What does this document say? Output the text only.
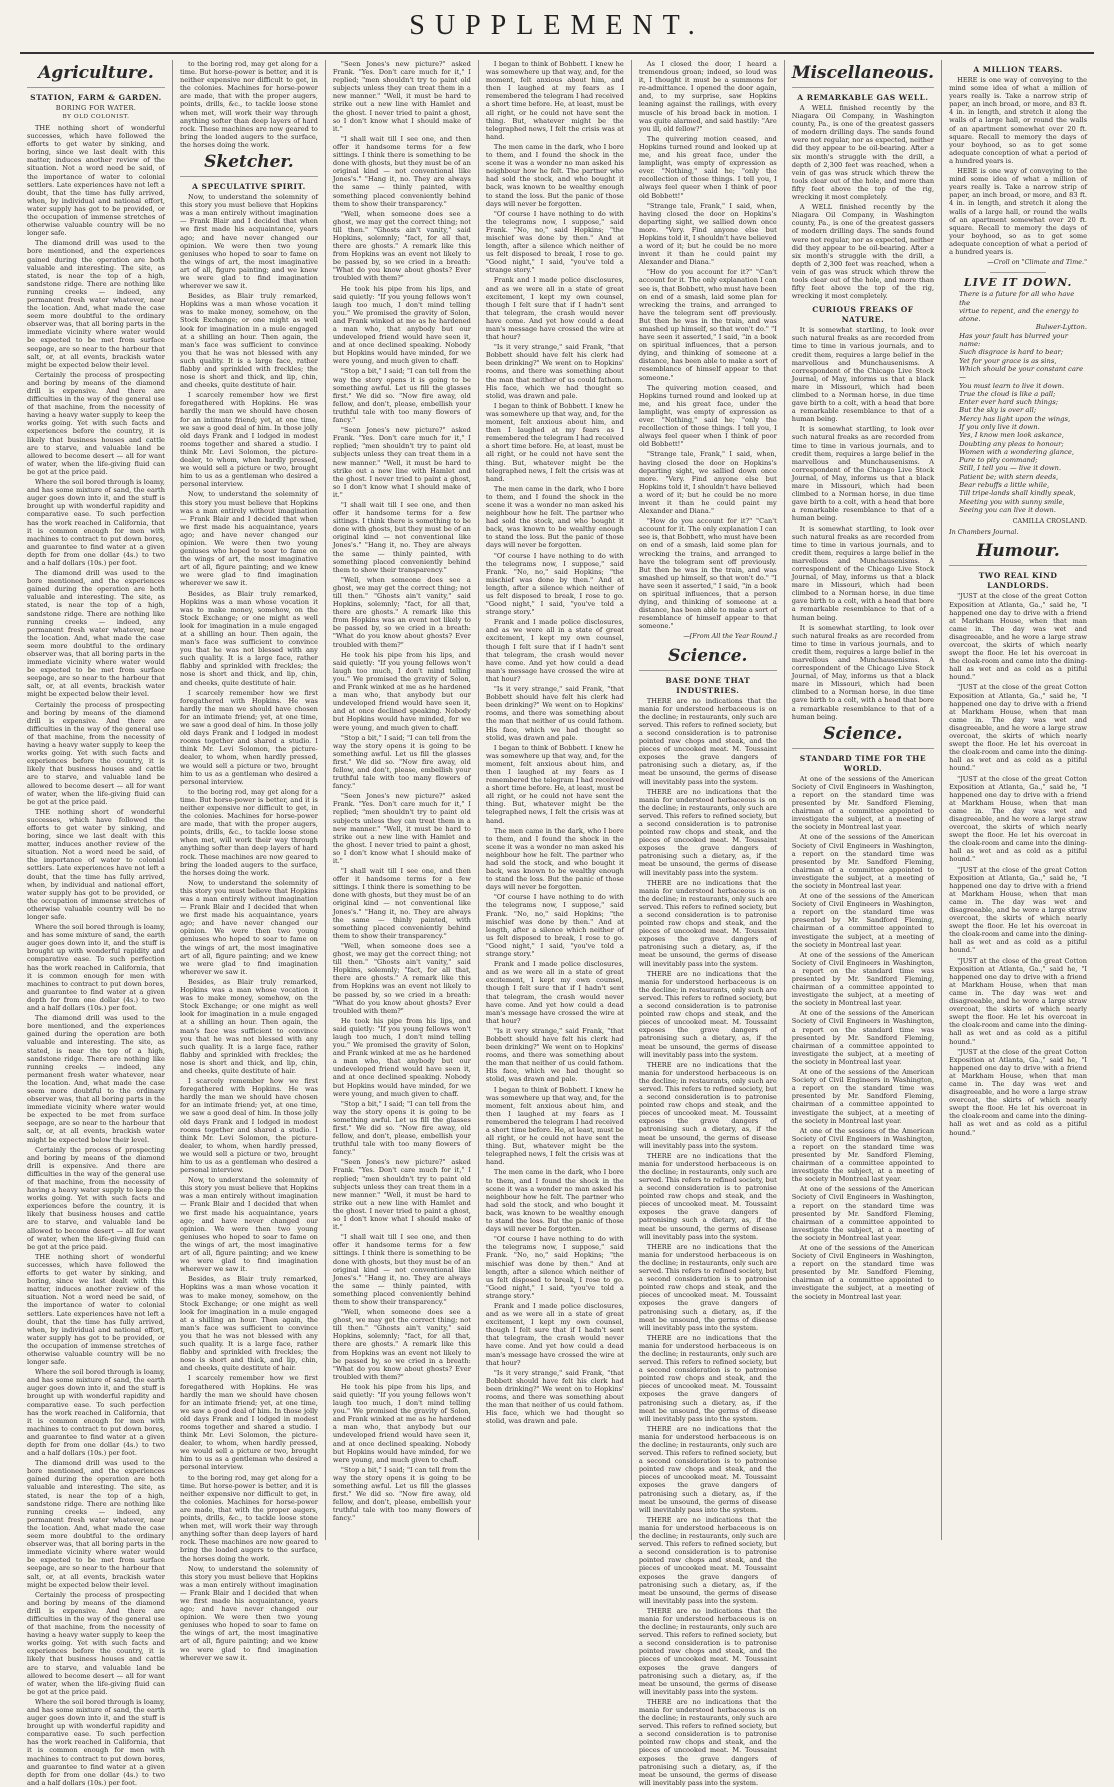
SUPPLEMENT.
Agriculture.
STATION, FARM & GARDEN.
BORING FOR WATER.
BY OLD COLONIST.

THE nothing short of wonderful successes, which have followed the efforts to get water by sinking, and boring, since we last dealt with this matter, induces another review of the situation. Not a word need be said, of the importance of water to colonial settlers. Late experiences have not left a doubt, that the time has fully arrived, when, by individual and national effort, water supply has got to be provided, or the occupation of immense stretches of otherwise valuable country will be no longer safe.

The diamond drill was used to the bore mentioned, and the experiences gained during the operation are both valuable and interesting. The site, as stated, is near the top of a high, sandstone ridge. There are nothing like running creeks — indeed, any permanent fresh water whatever, near the location. And, what made the case seem more doubtful to the ordinary observer was, that all boring parts in the immediate vicinity where water would be expected to be met from surface seepage, are so near to the harbour that salt, or, at all events, brackish water might be expected below their level.

Certainly the process of prospecting and boring by means of the diamond drill is expensive. And there are difficulties in the way of the general use of that machine, from the necessity of having a heavy water supply to keep the works going. Yet with such facts and experiences before the country, it is likely that business houses and cattle are to starve, and valuable land be allowed to become desert — all for want of water, when the life-giving fluid can be got at the price paid.

Where the soil bored through is loamy, and has some mixture of sand, the earth auger goes down into it, and the stuff is brought up with wonderful rapidity and comparative ease. To such perfection has the work reached in California, that it is common enough for men with machines to contract to put down bores, and guarantee to find water at a given depth for from one dollar (4s.) to two and a half dollars (10s.) per foot.

The diamond drill was used to the bore mentioned, and the experiences gained during the operation are both valuable and interesting. The site, as stated, is near the top of a high, sandstone ridge. There are nothing like running creeks — indeed, any permanent fresh water whatever, near the location. And, what made the case seem more doubtful to the ordinary observer was, that all boring parts in the immediate vicinity where water would be expected to be met from surface seepage, are so near to the harbour that salt, or, at all events, brackish water might be expected below their level.

Certainly the process of prospecting and boring by means of the diamond drill is expensive. And there are difficulties in the way of the general use of that machine, from the necessity of having a heavy water supply to keep the works going. Yet with such facts and experiences before the country, it is likely that business houses and cattle are to starve, and valuable land be allowed to become desert — all for want of water, when the life-giving fluid can be got at the price paid.

THE nothing short of wonderful successes, which have followed the efforts to get water by sinking, and boring, since we last dealt with this matter, induces another review of the situation. Not a word need be said, of the importance of water to colonial settlers. Late experiences have not left a doubt, that the time has fully arrived, when, by individual and national effort, water supply has got to be provided, or the occupation of immense stretches of otherwise valuable country will be no longer safe.

Where the soil bored through is loamy, and has some mixture of sand, the earth auger goes down into it, and the stuff is brought up with wonderful rapidity and comparative ease. To such perfection has the work reached in California, that it is common enough for men with machines to contract to put down bores, and guarantee to find water at a given depth for from one dollar (4s.) to two and a half dollars (10s.) per foot.

The diamond drill was used to the bore mentioned, and the experiences gained during the operation are both valuable and interesting. The site, as stated, is near the top of a high, sandstone ridge. There are nothing like running creeks — indeed, any permanent fresh water whatever, near the location. And, what made the case seem more doubtful to the ordinary observer was, that all boring parts in the immediate vicinity where water would be expected to be met from surface seepage, are so near to the harbour that salt, or, at all events, brackish water might be expected below their level.

Certainly the process of prospecting and boring by means of the diamond drill is expensive. And there are difficulties in the way of the general use of that machine, from the necessity of having a heavy water supply to keep the works going. Yet with such facts and experiences before the country, it is likely that business houses and cattle are to starve, and valuable land be allowed to become desert — all for want of water, when the life-giving fluid can be got at the price paid.

THE nothing short of wonderful successes, which have followed the efforts to get water by sinking, and boring, since we last dealt with this matter, induces another review of the situation. Not a word need be said, of the importance of water to colonial settlers. Late experiences have not left a doubt, that the time has fully arrived, when, by individual and national effort, water supply has got to be provided, or the occupation of immense stretches of otherwise valuable country will be no longer safe.

Where the soil bored through is loamy, and has some mixture of sand, the earth auger goes down into it, and the stuff is brought up with wonderful rapidity and comparative ease. To such perfection has the work reached in California, that it is common enough for men with machines to contract to put down bores, and guarantee to find water at a given depth for from one dollar (4s.) to two and a half dollars (10s.) per foot.

The diamond drill was used to the bore mentioned, and the experiences gained during the operation are both valuable and interesting. The site, as stated, is near the top of a high, sandstone ridge. There are nothing like running creeks — indeed, any permanent fresh water whatever, near the location. And, what made the case seem more doubtful to the ordinary observer was, that all boring parts in the immediate vicinity where water would be expected to be met from surface seepage, are so near to the harbour that salt, or, at all events, brackish water might be expected below their level.

Certainly the process of prospecting and boring by means of the diamond drill is expensive. And there are difficulties in the way of the general use of that machine, from the necessity of having a heavy water supply to keep the works going. Yet with such facts and experiences before the country, it is likely that business houses and cattle are to starve, and valuable land be allowed to become desert — all for want of water, when the life-giving fluid can be got at the price paid.

Where the soil bored through is loamy, and has some mixture of sand, the earth auger goes down into it, and the stuff is brought up with wonderful rapidity and comparative ease. To such perfection has the work reached in California, that it is common enough for men with machines to contract to put down bores, and guarantee to find water at a given depth for from one dollar (4s.) to two and a half dollars (10s.) per foot.

to the boring rod, may get along for a time. But horse-power is better, and it is neither expensive nor difficult to get, in the colonies. Machines for horse-power are made, that with the proper augers, points, drills, &c., to tackle loose stone when met, will work their way through anything softer than deep layers of hard rock. These machines are now geared to bring the loaded augers to the surface, the horses doing the work.

Sketcher.
A SPECULATIVE SPIRIT.

Now, to understand the solemnity of this story you must believe that Hopkins was a man entirely without imagination — Frank Blair and I decided that when we first made his acquaintance, years ago; and have never changed our opinion. We were then two young geniuses who hoped to soar to fame on the wings of art, the most imaginative art of all, figure painting; and we knew we were glad to find imagination wherever we saw it.

Besides, as Blair truly remarked, Hopkins was a man whose vocation it was to make money, somehow, on the Stock Exchange; or one might as well look for imagination in a mule engaged at a shilling an hour. Then again, the man's face was sufficient to convince you that he was not blessed with any such quality. It is a large face, rather flabby and sprinkled with freckles; the nose is short and thick, and lip, chin, and cheeks, quite destitute of hair.

I scarcely remember how we first foregathered with Hopkins. He was hardly the man we should have chosen for an intimate friend; yet, at one time, we saw a good deal of him. In those jolly old days Frank and I lodged in modest rooms together and shared a studio. I think Mr. Levi Solomon, the picture-dealer, to whom, when hardly pressed, we would sell a picture or two, brought him to us as a gentleman who desired a personal interview.

Now, to understand the solemnity of this story you must believe that Hopkins was a man entirely without imagination — Frank Blair and I decided that when we first made his acquaintance, years ago; and have never changed our opinion. We were then two young geniuses who hoped to soar to fame on the wings of art, the most imaginative art of all, figure painting; and we knew we were glad to find imagination wherever we saw it.

Besides, as Blair truly remarked, Hopkins was a man whose vocation it was to make money, somehow, on the Stock Exchange; or one might as well look for imagination in a mule engaged at a shilling an hour. Then again, the man's face was sufficient to convince you that he was not blessed with any such quality. It is a large face, rather flabby and sprinkled with freckles; the nose is short and thick, and lip, chin, and cheeks, quite destitute of hair.

I scarcely remember how we first foregathered with Hopkins. He was hardly the man we should have chosen for an intimate friend; yet, at one time, we saw a good deal of him. In those jolly old days Frank and I lodged in modest rooms together and shared a studio. I think Mr. Levi Solomon, the picture-dealer, to whom, when hardly pressed, we would sell a picture or two, brought him to us as a gentleman who desired a personal interview.

to the boring rod, may get along for a time. But horse-power is better, and it is neither expensive nor difficult to get, in the colonies. Machines for horse-power are made, that with the proper augers, points, drills, &c., to tackle loose stone when met, will work their way through anything softer than deep layers of hard rock. These machines are now geared to bring the loaded augers to the surface, the horses doing the work.

Now, to understand the solemnity of this story you must believe that Hopkins was a man entirely without imagination — Frank Blair and I decided that when we first made his acquaintance, years ago; and have never changed our opinion. We were then two young geniuses who hoped to soar to fame on the wings of art, the most imaginative art of all, figure painting; and we knew we were glad to find imagination wherever we saw it.

Besides, as Blair truly remarked, Hopkins was a man whose vocation it was to make money, somehow, on the Stock Exchange; or one might as well look for imagination in a mule engaged at a shilling an hour. Then again, the man's face was sufficient to convince you that he was not blessed with any such quality. It is a large face, rather flabby and sprinkled with freckles; the nose is short and thick, and lip, chin, and cheeks, quite destitute of hair.

I scarcely remember how we first foregathered with Hopkins. He was hardly the man we should have chosen for an intimate friend; yet, at one time, we saw a good deal of him. In those jolly old days Frank and I lodged in modest rooms together and shared a studio. I think Mr. Levi Solomon, the picture-dealer, to whom, when hardly pressed, we would sell a picture or two, brought him to us as a gentleman who desired a personal interview.

Now, to understand the solemnity of this story you must believe that Hopkins was a man entirely without imagination — Frank Blair and I decided that when we first made his acquaintance, years ago; and have never changed our opinion. We were then two young geniuses who hoped to soar to fame on the wings of art, the most imaginative art of all, figure painting; and we knew we were glad to find imagination wherever we saw it.

Besides, as Blair truly remarked, Hopkins was a man whose vocation it was to make money, somehow, on the Stock Exchange; or one might as well look for imagination in a mule engaged at a shilling an hour. Then again, the man's face was sufficient to convince you that he was not blessed with any such quality. It is a large face, rather flabby and sprinkled with freckles; the nose is short and thick, and lip, chin, and cheeks, quite destitute of hair.

I scarcely remember how we first foregathered with Hopkins. He was hardly the man we should have chosen for an intimate friend; yet, at one time, we saw a good deal of him. In those jolly old days Frank and I lodged in modest rooms together and shared a studio. I think Mr. Levi Solomon, the picture-dealer, to whom, when hardly pressed, we would sell a picture or two, brought him to us as a gentleman who desired a personal interview.

to the boring rod, may get along for a time. But horse-power is better, and it is neither expensive nor difficult to get, in the colonies. Machines for horse-power are made, that with the proper augers, points, drills, &c., to tackle loose stone when met, will work their way through anything softer than deep layers of hard rock. These machines are now geared to bring the loaded augers to the surface, the horses doing the work.

Now, to understand the solemnity of this story you must believe that Hopkins was a man entirely without imagination — Frank Blair and I decided that when we first made his acquaintance, years ago; and have never changed our opinion. We were then two young geniuses who hoped to soar to fame on the wings of art, the most imaginative art of all, figure painting; and we knew we were glad to find imagination wherever we saw it.

"Seen Jones's new picture?" asked Frank. "Yes. Don't care much for it," I replied; "men shouldn't try to paint old subjects unless they can treat them in a new manner." "Well, it must be hard to strike out a new line with Hamlet and the ghost. I never tried to paint a ghost, so I don't know what I should make of it."

"I shall wait till I see one, and then offer it handsome terms for a few sittings. I think there is something to be done with ghosts, but they must be of an original kind — not conventional like Jones's." "Hang it, no. They are always the same — thinly painted, with something placed conveniently behind them to show their transparency."

"Well, when someone does see a ghost, we may get the correct thing; not till then." "Ghosts ain't vanity," said Hopkins, solemnly; "fact, for all that, there are ghosts." A remark like this from Hopkins was an event not likely to be passed by, so we cried in a breath: "What do you know about ghosts? Ever troubled with them?"

He took his pipe from his lips, and said quietly: "If you young fellows won't laugh too much, I don't mind telling you." We promised the gravity of Solon, and Frank winked at me as he hardened a man who, that anybody but our undeveloped friend would have seen it, and at once declined speaking. Nobody but Hopkins would have minded, for we were young, and much given to chaff.

"Stop a bit," I said; "I can tell from the way the story opens it is going to be something awful. Let us fill the glasses first." We did so. "Now fire away, old fellow, and don't, please, embellish your truthful tale with too many flowers of fancy."

"Seen Jones's new picture?" asked Frank. "Yes. Don't care much for it," I replied; "men shouldn't try to paint old subjects unless they can treat them in a new manner." "Well, it must be hard to strike out a new line with Hamlet and the ghost. I never tried to paint a ghost, so I don't know what I should make of it."

"I shall wait till I see one, and then offer it handsome terms for a few sittings. I think there is something to be done with ghosts, but they must be of an original kind — not conventional like Jones's." "Hang it, no. They are always the same — thinly painted, with something placed conveniently behind them to show their transparency."

"Well, when someone does see a ghost, we may get the correct thing; not till then." "Ghosts ain't vanity," said Hopkins, solemnly; "fact, for all that, there are ghosts." A remark like this from Hopkins was an event not likely to be passed by, so we cried in a breath: "What do you know about ghosts? Ever troubled with them?"

He took his pipe from his lips, and said quietly: "If you young fellows won't laugh too much, I don't mind telling you." We promised the gravity of Solon, and Frank winked at me as he hardened a man who, that anybody but our undeveloped friend would have seen it, and at once declined speaking. Nobody but Hopkins would have minded, for we were young, and much given to chaff.

"Stop a bit," I said; "I can tell from the way the story opens it is going to be something awful. Let us fill the glasses first." We did so. "Now fire away, old fellow, and don't, please, embellish your truthful tale with too many flowers of fancy."

"Seen Jones's new picture?" asked Frank. "Yes. Don't care much for it," I replied; "men shouldn't try to paint old subjects unless they can treat them in a new manner." "Well, it must be hard to strike out a new line with Hamlet and the ghost. I never tried to paint a ghost, so I don't know what I should make of it."

"I shall wait till I see one, and then offer it handsome terms for a few sittings. I think there is something to be done with ghosts, but they must be of an original kind — not conventional like Jones's." "Hang it, no. They are always the same — thinly painted, with something placed conveniently behind them to show their transparency."

"Well, when someone does see a ghost, we may get the correct thing; not till then." "Ghosts ain't vanity," said Hopkins, solemnly; "fact, for all that, there are ghosts." A remark like this from Hopkins was an event not likely to be passed by, so we cried in a breath: "What do you know about ghosts? Ever troubled with them?"

He took his pipe from his lips, and said quietly: "If you young fellows won't laugh too much, I don't mind telling you." We promised the gravity of Solon, and Frank winked at me as he hardened a man who, that anybody but our undeveloped friend would have seen it, and at once declined speaking. Nobody but Hopkins would have minded, for we were young, and much given to chaff.

"Stop a bit," I said; "I can tell from the way the story opens it is going to be something awful. Let us fill the glasses first." We did so. "Now fire away, old fellow, and don't, please, embellish your truthful tale with too many flowers of fancy."

"Seen Jones's new picture?" asked Frank. "Yes. Don't care much for it," I replied; "men shouldn't try to paint old subjects unless they can treat them in a new manner." "Well, it must be hard to strike out a new line with Hamlet and the ghost. I never tried to paint a ghost, so I don't know what I should make of it."

"I shall wait till I see one, and then offer it handsome terms for a few sittings. I think there is something to be done with ghosts, but they must be of an original kind — not conventional like Jones's." "Hang it, no. They are always the same — thinly painted, with something placed conveniently behind them to show their transparency."

"Well, when someone does see a ghost, we may get the correct thing; not till then." "Ghosts ain't vanity," said Hopkins, solemnly; "fact, for all that, there are ghosts." A remark like this from Hopkins was an event not likely to be passed by, so we cried in a breath: "What do you know about ghosts? Ever troubled with them?"

He took his pipe from his lips, and said quietly: "If you young fellows won't laugh too much, I don't mind telling you." We promised the gravity of Solon, and Frank winked at me as he hardened a man who, that anybody but our undeveloped friend would have seen it, and at once declined speaking. Nobody but Hopkins would have minded, for we were young, and much given to chaff.

"Stop a bit," I said; "I can tell from the way the story opens it is going to be something awful. Let us fill the glasses first." We did so. "Now fire away, old fellow, and don't, please, embellish your truthful tale with too many flowers of fancy."

I began to think of Bobbett. I knew he was somewhere up that way, and, for the moment, felt anxious about him, and then I laughed at my fears as I remembered the telegram I had received a short time before. He, at least, must be all right, or he could not have sent the thing. But, whatever might be the telegraphed news, I felt the crisis was at hand.

The men came in the dark, who I bore to them, and I found the shock in the scene it was a wonder no man asked his neighbour how he felt. The partner who had sold the stock, and who bought it back, was known to be wealthy enough to stand the loss. But the panic of those days will never be forgotten.

"Of course I have nothing to do with the telegrams now, I suppose," said Frank. "No, no," said Hopkins; "the mischief was done by then." And at length, after a silence which neither of us felt disposed to break, I rose to go. "Good night," I said, "you've told a strange story."

Frank and I made police disclosures, and as we were all in a state of great excitement, I kept my own counsel, though I felt sure that if I hadn't sent that telegram, the crash would never have come. And yet how could a dead man's message have crossed the wire at that hour?

"Is it very strange," said Frank, "that Bobbett should have felt his clerk had been drinking?" We went on to Hopkins' rooms, and there was something about the man that neither of us could fathom. His face, which we had thought so stolid, was drawn and pale.

I began to think of Bobbett. I knew he was somewhere up that way, and, for the moment, felt anxious about him, and then I laughed at my fears as I remembered the telegram I had received a short time before. He, at least, must be all right, or he could not have sent the thing. But, whatever might be the telegraphed news, I felt the crisis was at hand.

The men came in the dark, who I bore to them, and I found the shock in the scene it was a wonder no man asked his neighbour how he felt. The partner who had sold the stock, and who bought it back, was known to be wealthy enough to stand the loss. But the panic of those days will never be forgotten.

"Of course I have nothing to do with the telegrams now, I suppose," said Frank. "No, no," said Hopkins; "the mischief was done by then." And at length, after a silence which neither of us felt disposed to break, I rose to go. "Good night," I said, "you've told a strange story."

Frank and I made police disclosures, and as we were all in a state of great excitement, I kept my own counsel, though I felt sure that if I hadn't sent that telegram, the crash would never have come. And yet how could a dead man's message have crossed the wire at that hour?

"Is it very strange," said Frank, "that Bobbett should have felt his clerk had been drinking?" We went on to Hopkins' rooms, and there was something about the man that neither of us could fathom. His face, which we had thought so stolid, was drawn and pale.

I began to think of Bobbett. I knew he was somewhere up that way, and, for the moment, felt anxious about him, and then I laughed at my fears as I remembered the telegram I had received a short time before. He, at least, must be all right, or he could not have sent the thing. But, whatever might be the telegraphed news, I felt the crisis was at hand.

The men came in the dark, who I bore to them, and I found the shock in the scene it was a wonder no man asked his neighbour how he felt. The partner who had sold the stock, and who bought it back, was known to be wealthy enough to stand the loss. But the panic of those days will never be forgotten.

"Of course I have nothing to do with the telegrams now, I suppose," said Frank. "No, no," said Hopkins; "the mischief was done by then." And at length, after a silence which neither of us felt disposed to break, I rose to go. "Good night," I said, "you've told a strange story."

Frank and I made police disclosures, and as we were all in a state of great excitement, I kept my own counsel, though I felt sure that if I hadn't sent that telegram, the crash would never have come. And yet how could a dead man's message have crossed the wire at that hour?

"Is it very strange," said Frank, "that Bobbett should have felt his clerk had been drinking?" We went on to Hopkins' rooms, and there was something about the man that neither of us could fathom. His face, which we had thought so stolid, was drawn and pale.

I began to think of Bobbett. I knew he was somewhere up that way, and, for the moment, felt anxious about him, and then I laughed at my fears as I remembered the telegram I had received a short time before. He, at least, must be all right, or he could not have sent the thing. But, whatever might be the telegraphed news, I felt the crisis was at hand.

The men came in the dark, who I bore to them, and I found the shock in the scene it was a wonder no man asked his neighbour how he felt. The partner who had sold the stock, and who bought it back, was known to be wealthy enough to stand the loss. But the panic of those days will never be forgotten.

"Of course I have nothing to do with the telegrams now, I suppose," said Frank. "No, no," said Hopkins; "the mischief was done by then." And at length, after a silence which neither of us felt disposed to break, I rose to go. "Good night," I said, "you've told a strange story."

Frank and I made police disclosures, and as we were all in a state of great excitement, I kept my own counsel, though I felt sure that if I hadn't sent that telegram, the crash would never have come. And yet how could a dead man's message have crossed the wire at that hour?

"Is it very strange," said Frank, "that Bobbett should have felt his clerk had been drinking?" We went on to Hopkins' rooms, and there was something about the man that neither of us could fathom. His face, which we had thought so stolid, was drawn and pale.

As I closed the door, I heard a tremendous groan; indeed, so loud was it, I thought it must be a summons for re-admittance. I opened the door again, and, to my surprise, saw Hopkins leaning against the railings, with every muscle of his broad back in motion. I was quite alarmed, and said hastily: "Are you ill, old fellow?"

The quivering motion ceased, and Hopkins turned round and looked up at me, and his great face, under the lamplight, was empty of expression as ever. "Nothing," said he; "only the recollection of those things. I tell you, I always feel queer when I think of poor old Bobbett!"

"Strange tale, Frank," I said, when, having closed the door on Hopkins's departing sight, we sallied down once more. "Very. Find anyone else but Hopkins told it, I shouldn't have believed a word of it; but he could be no more invent it than he could paint my Alexander and Diana."

"How do you account for it?" "Can't account for it. The only explanation I can see is, that Bobbett, who must have been on end of a smash, laid some plan for wrecking the trains, and arranged to have the telegram sent off previously. But then he was in the train, and was smashed up himself, so that won't do." "I have seen it asserted," I said, "in a book on spiritual influences, that a person dying, and thinking of someone at a distance, has been able to make a sort of resemblance of himself appear to that someone."

The quivering motion ceased, and Hopkins turned round and looked up at me, and his great face, under the lamplight, was empty of expression as ever. "Nothing," said he; "only the recollection of those things. I tell you, I always feel queer when I think of poor old Bobbett!"

"Strange tale, Frank," I said, when, having closed the door on Hopkins's departing sight, we sallied down once more. "Very. Find anyone else but Hopkins told it, I shouldn't have believed a word of it; but he could be no more invent it than he could paint my Alexander and Diana."

"How do you account for it?" "Can't account for it. The only explanation I can see is, that Bobbett, who must have been on end of a smash, laid some plan for wrecking the trains, and arranged to have the telegram sent off previously. But then he was in the train, and was smashed up himself, so that won't do." "I have seen it asserted," I said, "in a book on spiritual influences, that a person dying, and thinking of someone at a distance, has been able to make a sort of resemblance of himself appear to that someone."

—[From All the Year Round.]
Science.
BASE DONE THAT INDUSTRIES.

THERE are no indications that the mania for understood herbaceous is on the decline; in restaurants, only such are served. This refers to refined society, but a second consideration is to patronise pointed raw chops and steak, and the pieces of uncooked meat. M. Toussaint exposes the grave dangers of patronising such a dietary, as, if the meat be unsound, the germs of disease will inevitably pass into the system.

THERE are no indications that the mania for understood herbaceous is on the decline; in restaurants, only such are served. This refers to refined society, but a second consideration is to patronise pointed raw chops and steak, and the pieces of uncooked meat. M. Toussaint exposes the grave dangers of patronising such a dietary, as, if the meat be unsound, the germs of disease will inevitably pass into the system.

THERE are no indications that the mania for understood herbaceous is on the decline; in restaurants, only such are served. This refers to refined society, but a second consideration is to patronise pointed raw chops and steak, and the pieces of uncooked meat. M. Toussaint exposes the grave dangers of patronising such a dietary, as, if the meat be unsound, the germs of disease will inevitably pass into the system.

THERE are no indications that the mania for understood herbaceous is on the decline; in restaurants, only such are served. This refers to refined society, but a second consideration is to patronise pointed raw chops and steak, and the pieces of uncooked meat. M. Toussaint exposes the grave dangers of patronising such a dietary, as, if the meat be unsound, the germs of disease will inevitably pass into the system.

THERE are no indications that the mania for understood herbaceous is on the decline; in restaurants, only such are served. This refers to refined society, but a second consideration is to patronise pointed raw chops and steak, and the pieces of uncooked meat. M. Toussaint exposes the grave dangers of patronising such a dietary, as, if the meat be unsound, the germs of disease will inevitably pass into the system.

THERE are no indications that the mania for understood herbaceous is on the decline; in restaurants, only such are served. This refers to refined society, but a second consideration is to patronise pointed raw chops and steak, and the pieces of uncooked meat. M. Toussaint exposes the grave dangers of patronising such a dietary, as, if the meat be unsound, the germs of disease will inevitably pass into the system.

THERE are no indications that the mania for understood herbaceous is on the decline; in restaurants, only such are served. This refers to refined society, but a second consideration is to patronise pointed raw chops and steak, and the pieces of uncooked meat. M. Toussaint exposes the grave dangers of patronising such a dietary, as, if the meat be unsound, the germs of disease will inevitably pass into the system.

THERE are no indications that the mania for understood herbaceous is on the decline; in restaurants, only such are served. This refers to refined society, but a second consideration is to patronise pointed raw chops and steak, and the pieces of uncooked meat. M. Toussaint exposes the grave dangers of patronising such a dietary, as, if the meat be unsound, the germs of disease will inevitably pass into the system.

THERE are no indications that the mania for understood herbaceous is on the decline; in restaurants, only such are served. This refers to refined society, but a second consideration is to patronise pointed raw chops and steak, and the pieces of uncooked meat. M. Toussaint exposes the grave dangers of patronising such a dietary, as, if the meat be unsound, the germs of disease will inevitably pass into the system.

THERE are no indications that the mania for understood herbaceous is on the decline; in restaurants, only such are served. This refers to refined society, but a second consideration is to patronise pointed raw chops and steak, and the pieces of uncooked meat. M. Toussaint exposes the grave dangers of patronising such a dietary, as, if the meat be unsound, the germs of disease will inevitably pass into the system.

THERE are no indications that the mania for understood herbaceous is on the decline; in restaurants, only such are served. This refers to refined society, but a second consideration is to patronise pointed raw chops and steak, and the pieces of uncooked meat. M. Toussaint exposes the grave dangers of patronising such a dietary, as, if the meat be unsound, the germs of disease will inevitably pass into the system.

THERE are no indications that the mania for understood herbaceous is on the decline; in restaurants, only such are served. This refers to refined society, but a second consideration is to patronise pointed raw chops and steak, and the pieces of uncooked meat. M. Toussaint exposes the grave dangers of patronising such a dietary, as, if the meat be unsound, the germs of disease will inevitably pass into the system.

Miscellaneous.
A REMARKABLE GAS WELL.

A WELL finished recently by the Niagara Oil Company, in Washington county, Pa., is one of the greatest gassers of modern drilling days. The sands found were not regular, nor as expected, neither did they appear to be oil-bearing. After a six month's struggle with the drill, a depth of 2,300 feet was reached, when a vein of gas was struck which threw the tools clear out of the hole, and more than fifty feet above the top of the rig, wrecking it most completely.

A WELL finished recently by the Niagara Oil Company, in Washington county, Pa., is one of the greatest gassers of modern drilling days. The sands found were not regular, nor as expected, neither did they appear to be oil-bearing. After a six month's struggle with the drill, a depth of 2,300 feet was reached, when a vein of gas was struck which threw the tools clear out of the hole, and more than fifty feet above the top of the rig, wrecking it most completely.

CURIOUS FREAKS OF NATURE.

It is somewhat startling, to look over such natural freaks as are recorded from time to time in various journals, and to credit them, requires a large belief in the marvellous and Munchausenisms. A correspondent of the Chicago Live Stock Journal, of May, informs us that a black mare in Missouri, which had been climbed to a Norman horse, in due time gave birth to a colt, with a head that bore a remarkable resemblance to that of a human being.

It is somewhat startling, to look over such natural freaks as are recorded from time to time in various journals, and to credit them, requires a large belief in the marvellous and Munchausenisms. A correspondent of the Chicago Live Stock Journal, of May, informs us that a black mare in Missouri, which had been climbed to a Norman horse, in due time gave birth to a colt, with a head that bore a remarkable resemblance to that of a human being.

It is somewhat startling, to look over such natural freaks as are recorded from time to time in various journals, and to credit them, requires a large belief in the marvellous and Munchausenisms. A correspondent of the Chicago Live Stock Journal, of May, informs us that a black mare in Missouri, which had been climbed to a Norman horse, in due time gave birth to a colt, with a head that bore a remarkable resemblance to that of a human being.

It is somewhat startling, to look over such natural freaks as are recorded from time to time in various journals, and to credit them, requires a large belief in the marvellous and Munchausenisms. A correspondent of the Chicago Live Stock Journal, of May, informs us that a black mare in Missouri, which had been climbed to a Norman horse, in due time gave birth to a colt, with a head that bore a remarkable resemblance to that of a human being.

Science.
STANDARD TIME FOR THE WORLD.

At one of the sessions of the American Society of Civil Engineers in Washington, a report on the standard time was presented by Mr. Sandford Fleming, chairman of a committee appointed to investigate the subject, at a meeting of the society in Montreal last year.

At one of the sessions of the American Society of Civil Engineers in Washington, a report on the standard time was presented by Mr. Sandford Fleming, chairman of a committee appointed to investigate the subject, at a meeting of the society in Montreal last year.

At one of the sessions of the American Society of Civil Engineers in Washington, a report on the standard time was presented by Mr. Sandford Fleming, chairman of a committee appointed to investigate the subject, at a meeting of the society in Montreal last year.

At one of the sessions of the American Society of Civil Engineers in Washington, a report on the standard time was presented by Mr. Sandford Fleming, chairman of a committee appointed to investigate the subject, at a meeting of the society in Montreal last year.

At one of the sessions of the American Society of Civil Engineers in Washington, a report on the standard time was presented by Mr. Sandford Fleming, chairman of a committee appointed to investigate the subject, at a meeting of the society in Montreal last year.

At one of the sessions of the American Society of Civil Engineers in Washington, a report on the standard time was presented by Mr. Sandford Fleming, chairman of a committee appointed to investigate the subject, at a meeting of the society in Montreal last year.

At one of the sessions of the American Society of Civil Engineers in Washington, a report on the standard time was presented by Mr. Sandford Fleming, chairman of a committee appointed to investigate the subject, at a meeting of the society in Montreal last year.

At one of the sessions of the American Society of Civil Engineers in Washington, a report on the standard time was presented by Mr. Sandford Fleming, chairman of a committee appointed to investigate the subject, at a meeting of the society in Montreal last year.

At one of the sessions of the American Society of Civil Engineers in Washington, a report on the standard time was presented by Mr. Sandford Fleming, chairman of a committee appointed to investigate the subject, at a meeting of the society in Montreal last year.

A MILLION TEARS.

HERE is one way of conveying to the mind some idea of what a million of years really is. Take a narrow strip of paper, an inch broad, or more, and 83 ft. 4 in. in length, and stretch it along the walls of a large hall, or round the walls of an apartment somewhat over 20 ft. square. Recall to memory the days of your boyhood, so as to get some adequate conception of what a period of a hundred years is.

HERE is one way of conveying to the mind some idea of what a million of years really is. Take a narrow strip of paper, an inch broad, or more, and 83 ft. 4 in. in length, and stretch it along the walls of a large hall, or round the walls of an apartment somewhat over 20 ft. square. Recall to memory the days of your boyhood, so as to get some adequate conception of what a period of a hundred years is.

—Croll on "Climate and Time."
LIVE IT DOWN.
There is a future for all who have the
virtue to repent, and the energy to atone.
Bulwer-Lytton.
Has your fault has blurred your name:
Such disgrace is hard to bear;
Yet for your grace is as sins,
Which should be your constant care —
You must learn to live it down.
True the cloud is like a pall;
Enter ever hard such things;
But the sky is over all;
Mercy has light upon the wings,
If you only live it down.
Yes, I know men look askance,
Doubting any pleas to honour;
Women with a wondering glance,
Pure to pity command;
Still, I tell you — live it down.
Patient be; with stern deeds,
Bear rebuffs a little while,
Till tripe-lands shall kindly speak,
Meeting you with sunny smile,
Seeing you can live it down.
CAMILLA CROSLAND.
In Chambers Journal.
Humour.
TWO REAL KIND LANDLORDS.

"JUST at the close of the great Cotton Exposition at Atlanta, Ga.," said he, "I happened one day to drive with a friend at Markham House, when that man came in. The day was wet and disagreeable, and he wore a large straw overcoat, the skirts of which nearly swept the floor. He let his overcoat in the cloak-room and came into the dining-hall as wet and as cold as a pitiful hound."

"JUST at the close of the great Cotton Exposition at Atlanta, Ga.," said he, "I happened one day to drive with a friend at Markham House, when that man came in. The day was wet and disagreeable, and he wore a large straw overcoat, the skirts of which nearly swept the floor. He let his overcoat in the cloak-room and came into the dining-hall as wet and as cold as a pitiful hound."

"JUST at the close of the great Cotton Exposition at Atlanta, Ga.," said he, "I happened one day to drive with a friend at Markham House, when that man came in. The day was wet and disagreeable, and he wore a large straw overcoat, the skirts of which nearly swept the floor. He let his overcoat in the cloak-room and came into the dining-hall as wet and as cold as a pitiful hound."

"JUST at the close of the great Cotton Exposition at Atlanta, Ga.," said he, "I happened one day to drive with a friend at Markham House, when that man came in. The day was wet and disagreeable, and he wore a large straw overcoat, the skirts of which nearly swept the floor. He let his overcoat in the cloak-room and came into the dining-hall as wet and as cold as a pitiful hound."

"JUST at the close of the great Cotton Exposition at Atlanta, Ga.," said he, "I happened one day to drive with a friend at Markham House, when that man came in. The day was wet and disagreeable, and he wore a large straw overcoat, the skirts of which nearly swept the floor. He let his overcoat in the cloak-room and came into the dining-hall as wet and as cold as a pitiful hound."

"JUST at the close of the great Cotton Exposition at Atlanta, Ga.," said he, "I happened one day to drive with a friend at Markham House, when that man came in. The day was wet and disagreeable, and he wore a large straw overcoat, the skirts of which nearly swept the floor. He let his overcoat in the cloak-room and came into the dining-hall as wet and as cold as a pitiful hound."
